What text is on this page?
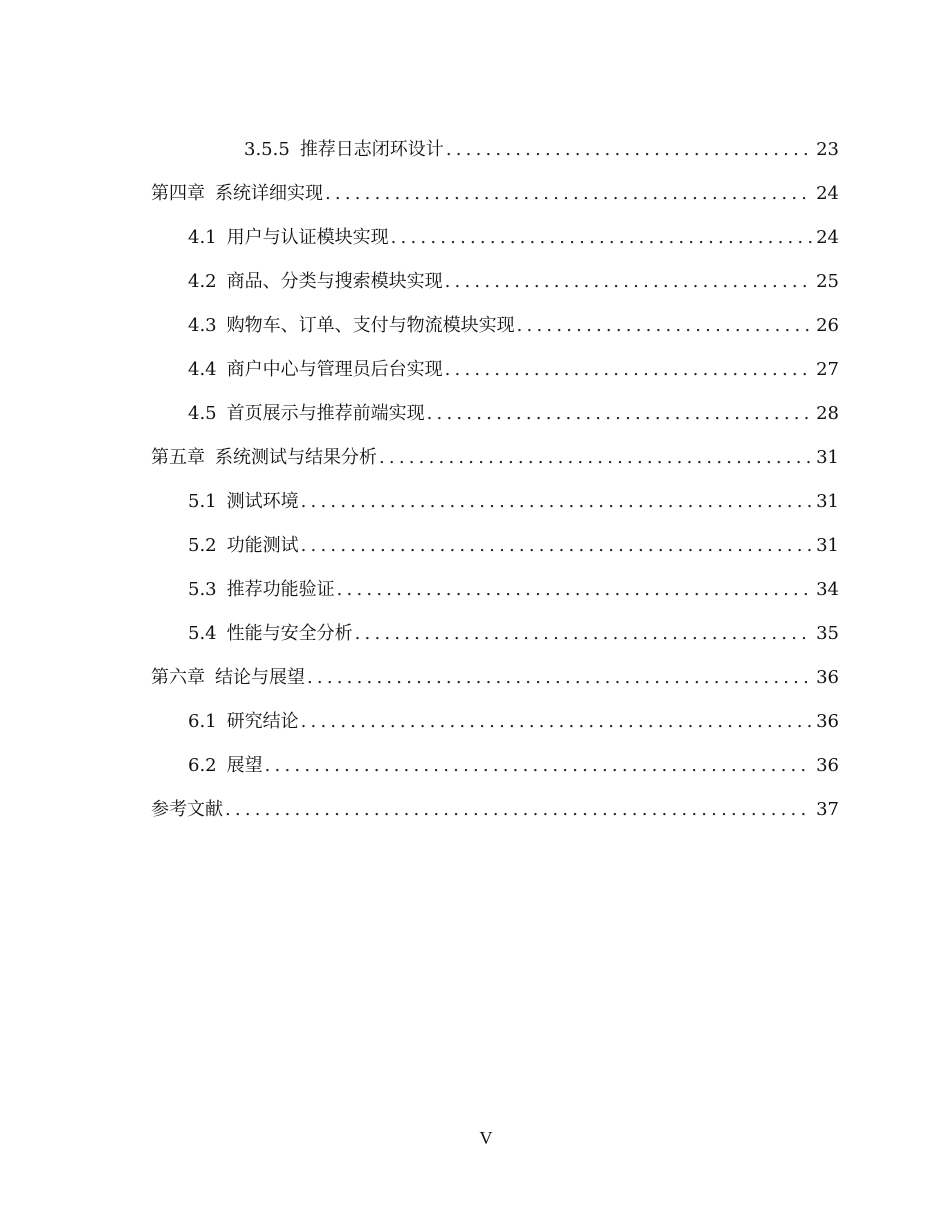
3.5.5 推荐日志闭环设计 .....	23
第四章 系统详细实现 .....	24
4.1 用户与认证模块实现 .....	24
4.2 商品、分类与搜索模块实现 .....	25
4.3 购物车、订单、支付与物流模块实现 .....	26
4.4 商户中心与管理员后台实现 .....	27
4.5 首页展示与推荐前端实现 .....	28
第五章 系统测试与结果分析 .....	31
5.1 测试环境 .....	31
5.2 功能测试 .....	31
5.3 推荐功能验证 .....	34
5.4 性能与安全分析 .....	35
第六章 结论与展望 .....	36
6.1 研究结论 .....	36
6.2 展望 .....	36
参考文献 .....	37
V
